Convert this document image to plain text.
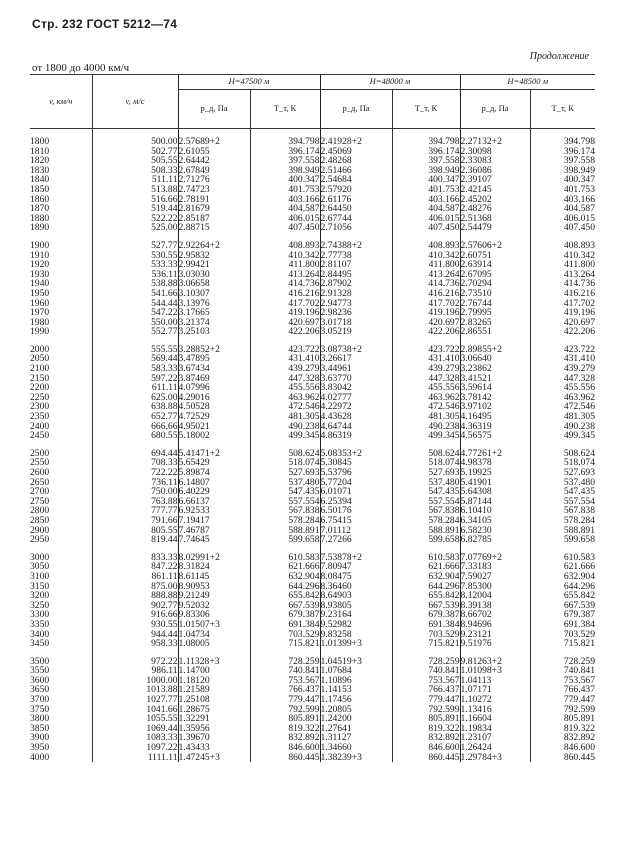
Стр. 232 ГОСТ 5212—74
Продолжение
от 1800 до 4000 км/ч
v, км/ч	v, м/с	H=47500 м		H=48000 м		H=48500 м	
		p_д, Па	T_т, К	p_д, Па	T_т, К	p_д, Па	T_т, К
1800	500.00	2.57689+2	394.798	2.41928+2	394.798	2.27132+2	394.798
1810	502.77	2.61055	396.174	2.45069	396.174	2.30098	396.174
1820	505.55	2.64442	397.558	2.48268	397.558	2.33083	397.558
1830	508.33	2.67849	398.949	2.51466	398.949	2.36086	398.949
1840	511.11	2.71276	400.347	2.54684	400.347	2.39107	400.347
1850	513.88	2.74723	401.753	2.57920	401.753	2.42145	401.753
1860	516.66	2.78191	403.166	2.61176	403.166	2.45202	403.166
1870	519.44	2.81679	404.587	2.64450	404.587	2.48276	404.587
1880	522.22	2.85187	406.015	2.67744	406.015	2.51368	406.015
1890	525.00	2.88715	407.450	2.71056	407.450	2.54479	407.450
1900	527.77	2.92264+2	408.893	2.74388+2	408.893	2.57606+2	408.893
1910	530.55	2.95832	410.342	2.77738	410.342	2.60751	410.342
1920	533.33	2.99421	411.800	2.81107	411.800	2.63914	411.800
1930	536.11	3.03030	413.264	2.84495	413.264	2.67095	413.264
1940	538.88	3.06658	414.736	2.87902	414.736	2.70294	414.736
1950	541.66	3.10307	416.216	2.91328	416.216	2.73510	416.216
1960	544.44	3.13976	417.702	2.94773	417.702	2.76744	417.702
1970	547.22	3.17665	419.196	2.98236	419.196	2.79995	419.196
1980	550.00	3.21374	420.697	3.01718	420.697	2.83265	420.697
1990	552.77	3.25103	422.206	3.05219	422.206	2.86551	422.206
2000	555.55	3.28852+2	423.722	3.08738+2	423.722	2.89855+2	423.722
2050	569.44	3.47895	431.410	3.26617	431.410	3.06640	431.410
2100	583.33	3.67434	439.279	3.44961	439.279	3.23862	439.279
2150	597.22	3.87469	447.328	3.63770	447.328	3.41521	447.328
2200	611.11	4.07996	455.556	3.83042	455.556	3.59614	455.556
2250	625.00	4.29016	463.962	4.02777	463.962	3.78142	463.962
2300	638.88	4.50528	472.546	4.22972	472.546	3.97102	472.546
2350	652.77	4.72529	481.305	4.43628	481.305	4.16495	481.305
2400	666.66	4.95021	490.238	4.64744	490.238	4.36319	490.238
2450	680.55	5.18002	499.345	4.86319	499.345	4.56575	499.345
2500	694.44	5.41471+2	508.624	5.08353+2	508.624	4.77261+2	508.624
2550	708.33	5.65429	518.074	5.30845	518.074	4.98378	518.074
2600	722.22	5.89874	527.693	5.53796	527.693	5.19925	527.693
2650	736.11	6.14807	537.480	5.77204	537.480	5.41901	537.480
2700	750.00	6.40229	547.435	6.01071	547.435	5.64308	547.435
2750	763.88	6.66137	557.554	6.25394	557.554	5.87144	557.554
2800	777.77	6.92533	567.838	6.50176	567.838	6.10410	567.838
2850	791.66	7.19417	578.284	6.75415	578.284	6.34105	578.284
2900	805.55	7.46787	588.891	7.01112	588.891	6.58230	588.891
2950	819.44	7.74645	599.658	7.27266	599.658	6.82785	599.658
3000	833.33	8.02991+2	610.583	7.53878+2	610.583	7.07769+2	610.583
3050	847.22	8.31824	621.666	7.80947	621.666	7.33183	621.666
3100	861.11	8.61145	632.904	8.08475	632.904	7.59027	632.904
3150	875.00	8.90953	644.296	8.36460	644.296	7.85300	644.296
3200	888.88	9.21249	655.842	8.64903	655.842	8.12004	655.842
3250	902.77	9.52032	667.539	8.93805	667.539	8.39138	667.539
3300	916.66	9.83306	679.387	9.23164	679.387	8.66702	679.387
3350	930.55	1.01507+3	691.384	9.52982	691.384	8.94696	691.384
3400	944.44	1.04734	703.529	9.83258	703.529	9.23121	703.529
3450	958.33	1.08005	715.821	1.01399+3	715.821	9.51976	715.821
3500	972.22	1.11328+3	728.259	1.04519+3	728.259	9.81263+2	728.259
3550	986.11	1.14700	740.841	1.07684	740.841	1.01098+3	740.841
3600	1000.00	1.18120	753.567	1.10896	753.567	1.04113	753.567
3650	1013.88	1.21589	766.437	1.14153	766.437	1.07171	766.437
3700	1027.77	1.25108	779.447	1.17456	779.447	1.10272	779.447
3750	1041.66	1.28675	792.599	1.20805	792.599	1.13416	792.599
3800	1055.55	1.32291	805.891	1.24200	805.891	1.16604	805.891
3850	1069.44	1.35956	819.322	1.27641	819.322	1.19834	819.322
3900	1083.33	1.39670	832.892	1.31127	832.892	1.23107	832.892
3950	1097.22	1.43433	846.600	1.34660	846.600	1.26424	846.600
4000	1111.11	1.47245+3	860.445	1.38239+3	860.445	1.29784+3	860.445
